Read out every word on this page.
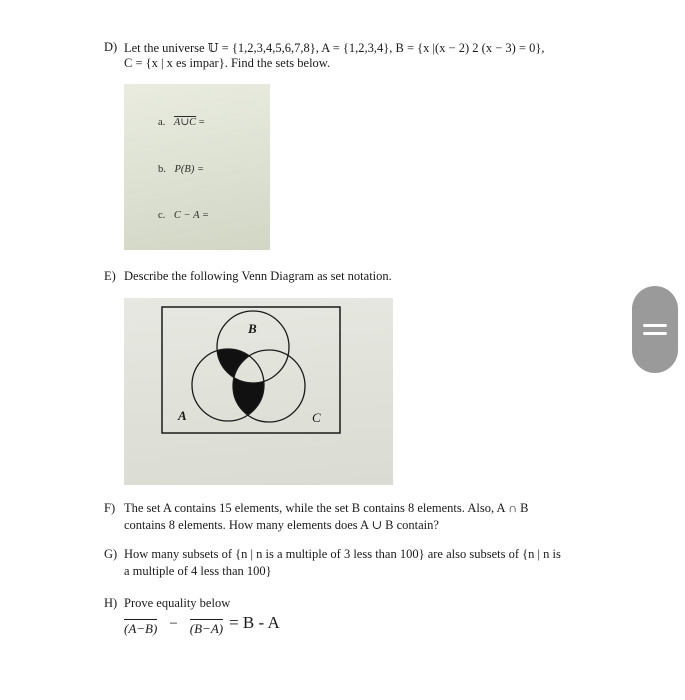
D) Let the universe 𝕌 = {1,2,3,4,5,6,7,8}, A = {1,2,3,4}, B = {x |(x − 2) 2 (x − 3) = 0},
C = {x | x es impar}. Find the sets below.
a. A∪C =
b. P(B) =
c. C − A =
E) Describe the following Venn Diagram as set notation.
B
A	C
F) The set A contains 15 elements, while the set B contains 8 elements. Also, A ∩ B
contains 8 elements. How many elements does A ∪ B contain?
G) How many subsets of {n | n is a multiple of 3 less than 100} are also subsets of {n | n is
a multiple of 4 less than 100}
H) Prove equality below
(A−B) − (B−A) = B - A
